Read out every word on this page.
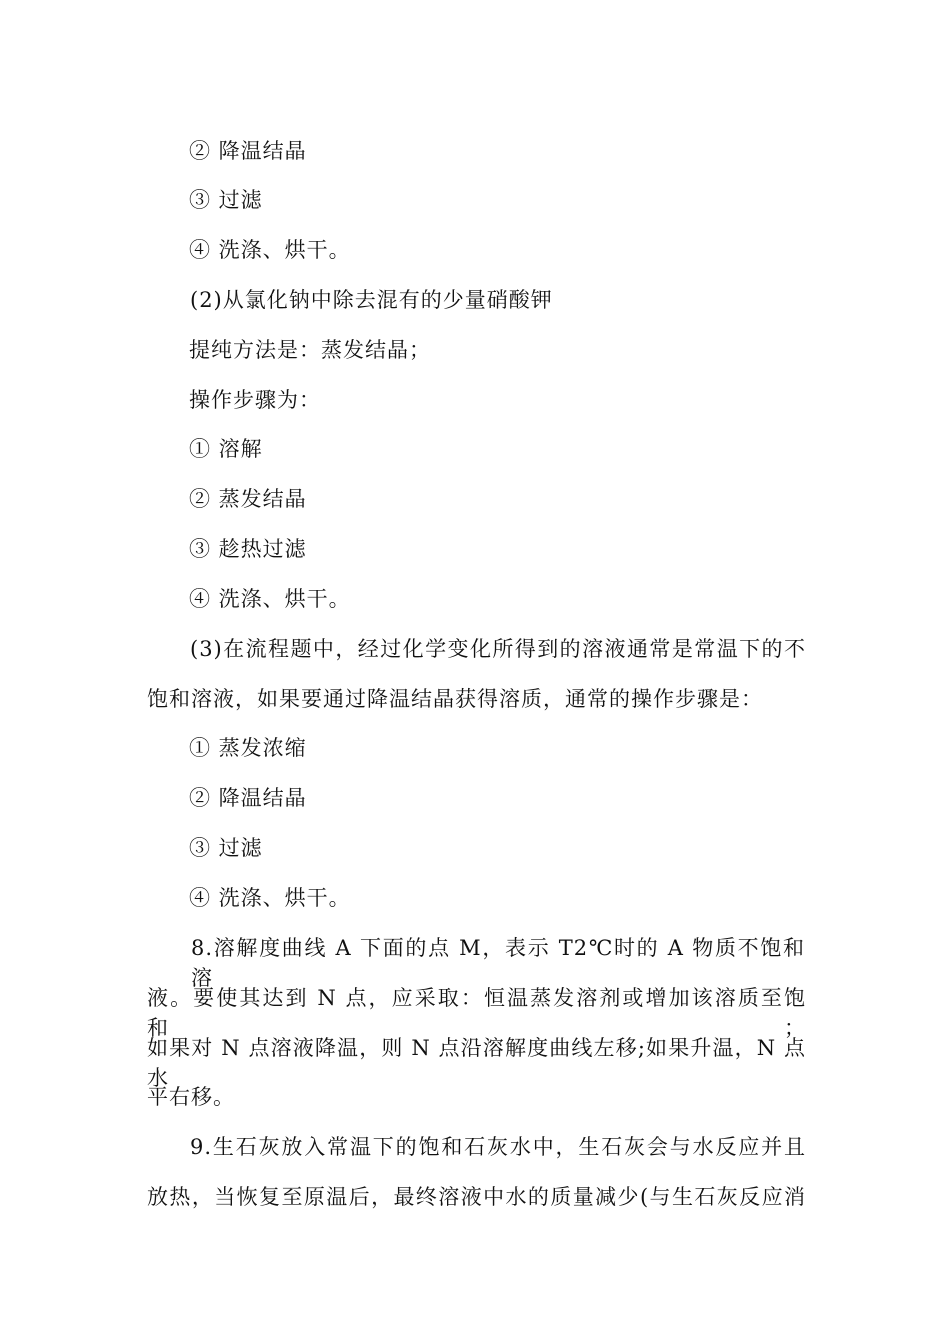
② 降温结晶
③ 过滤
④ 洗涤、烘干。
(2)从氯化钠中除去混有的少量硝酸钾
提纯方法是：蒸发结晶；
操作步骤为：
① 溶解
② 蒸发结晶
③ 趁热过滤
④ 洗涤、烘干。
(3)在流程题中，经过化学变化所得到的溶液通常是常温下的不
饱和溶液，如果要通过降温结晶获得溶质，通常的操作步骤是：
① 蒸发浓缩
② 降温结晶
③ 过滤
④ 洗涤、烘干。
8.溶解度曲线 A 下面的点 M，表示 T2℃时的 A 物质不饱和溶
液。要使其达到 N 点，应采取：恒温蒸发溶剂或增加该溶质至饱和；
如果对 N 点溶液降温，则 N 点沿溶解度曲线左移;如果升温，N 点水
平右移。
9.生石灰放入常温下的饱和石灰水中，生石灰会与水反应并且
放热，当恢复至原温后，最终溶液中水的质量减少(与生石灰反应消
